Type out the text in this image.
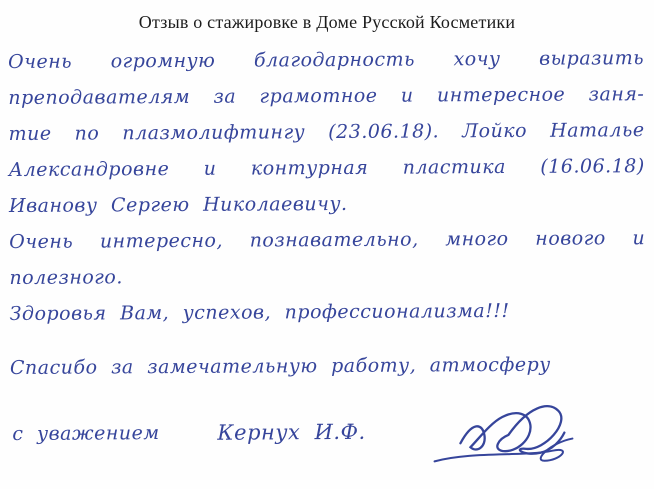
Отзыв о стажировке в Доме Русской Косметики
Очень огромную благодарность хочу выразить
преподавателям за грамотное и интересное заня-
тие по плазмолифтингу (23.06.18). Лойко Наталье
Александровне и контурная пластика (16.06.18)
Иванову Сергею Николаевичу.
Очень интересно, познавательно, много нового и
полезного.
Здоровья Вам, успехов, профессионализма!!!
Спасибо за замечательную работу, атмосферу
с уважением	Кернух И.Ф.
